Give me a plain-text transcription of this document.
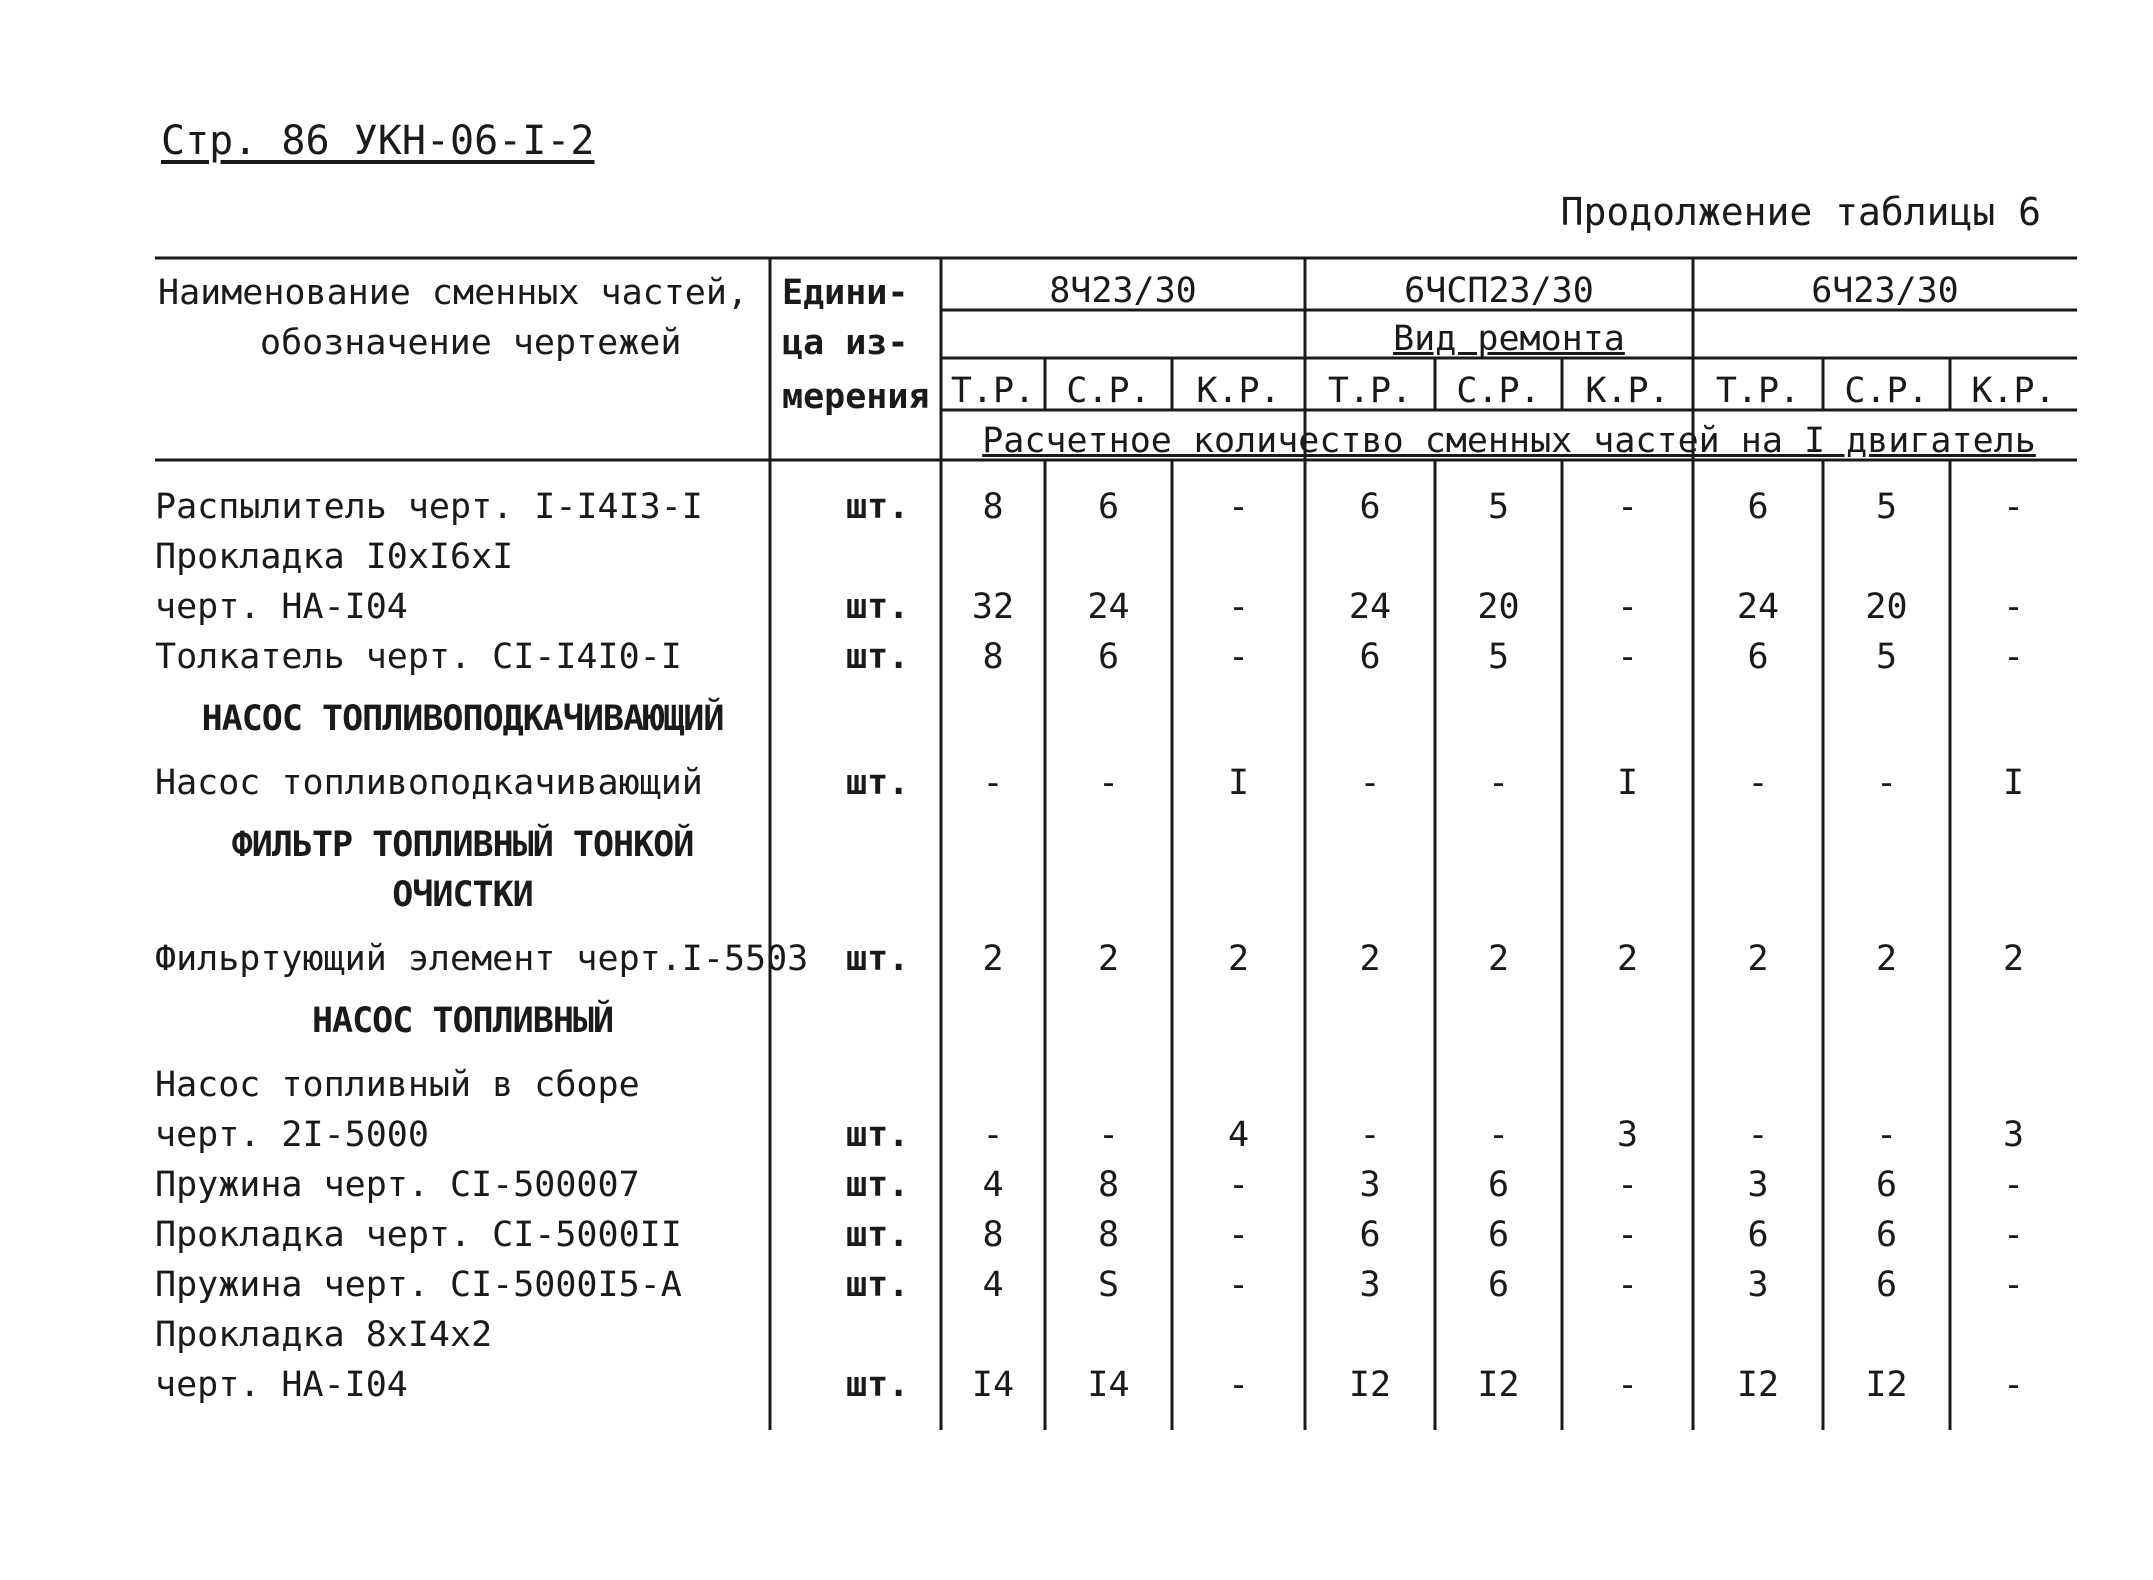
Стр. 86 УКН-06-I-2
Продолжение таблицы 6
Наименование сменных частей,
обозначение чертежей
Едини-
ца из-
мерения
8Ч23/30	6ЧСП23/30	6Ч23/30
Вид ремонта
Т.Р. С.Р.	К.Р.	Т.Р.	С.Р.	К.Р.	Т.Р.	С.Р.	К.Р.
Расчетное количество сменных частей на I двигатель
Распылитель черт. I-I4I3-I	шт.	8	6	-	6	5	-	6	5	-
Прокладка I0xI6xI
черт. НА-I04	шт.	32	24	-	24	20	-	24	20	-
Толкатель черт. CI-I4I0-I	шт.	8	6	-	6	5	-	6	5	-
НАСОС ТОПЛИВОПОДКАЧИВАЮЩИЙ
Насос топливоподкачивающий	шт.	-	-	I	-	-	I	-	-	I
ФИЛЬТР ТОПЛИВНЫЙ ТОНКОЙ
ОЧИСТКИ
Фильртующий элемент черт.I-5503 шт.	2	2	2	2	2	2	2	2	2
НАСОС ТОПЛИВНЫЙ
Насос топливный в сборе
черт. 2I-5000	шт.	-	-	4	-	-	3	-	-	3
Пружина черт. CI-500007	шт.	4	8	-	3	6	-	3	6	-
Прокладка черт. CI-5000II	шт.	8	8	-	6	6	-	6	6	-
Пружина черт. CI-5000I5-А	шт.	4	S	-	3	6	-	3	6	-
Прокладка 8xI4x2
черт. НА-I04	шт.	I4	I4	-	I2	I2	-	I2	I2	-
